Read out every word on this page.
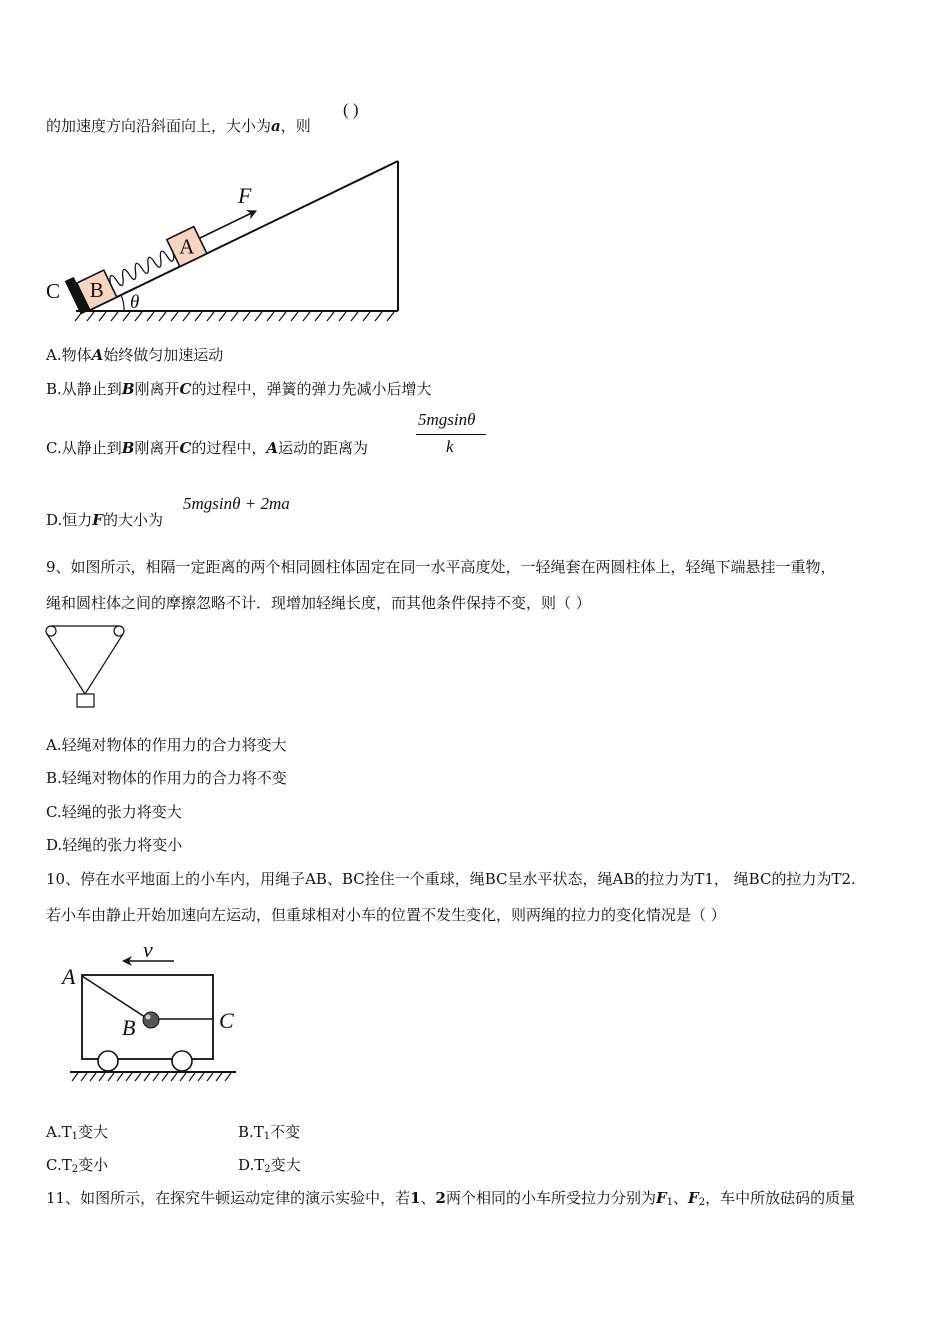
的加速度方向沿斜面向上，大小为a，则
( )
B
A
F
C	θ
A.物体A始终做匀加速运动
B.从静止到B刚离开C的过程中，弹簧的弹力先减小后增大
C.从静止到B刚离开C的过程中，A运动的距离为
5mgsinθ
k
D.恒力F的大小为
5mgsinθ + 2ma
9、如图所示，相隔一定距离的两个相同圆柱体固定在同一水平高度处，一轻绳套在两圆柱体上，轻绳下端悬挂一重物，
绳和圆柱体之间的摩擦忽略不计．现增加轻绳长度，而其他条件保持不变，则（ ）
A.轻绳对物体的作用力的合力将变大
B.轻绳对物体的作用力的合力将不变
C.轻绳的张力将变大
D.轻绳的张力将变小
10、停在水平地面上的小车内，用绳子AB、BC拴住一个重球，绳BC呈水平状态，绳AB的拉力为T1， 绳BC的拉力为T2.
若小车由静止开始加速向左运动，但重球相对小车的位置不发生变化，则两绳的拉力的变化情况是（ ）
v
A
B	C
$A.T_1$变大	$B.T_1$不变
$C.T_2$变小	$D.T_2$变大
11、如图所示，在探究牛顿运动定律的演示实验中，若1、2两个相同的小车所受拉力分别为$F_1$、$F_2$，车中所放砝码的质量
